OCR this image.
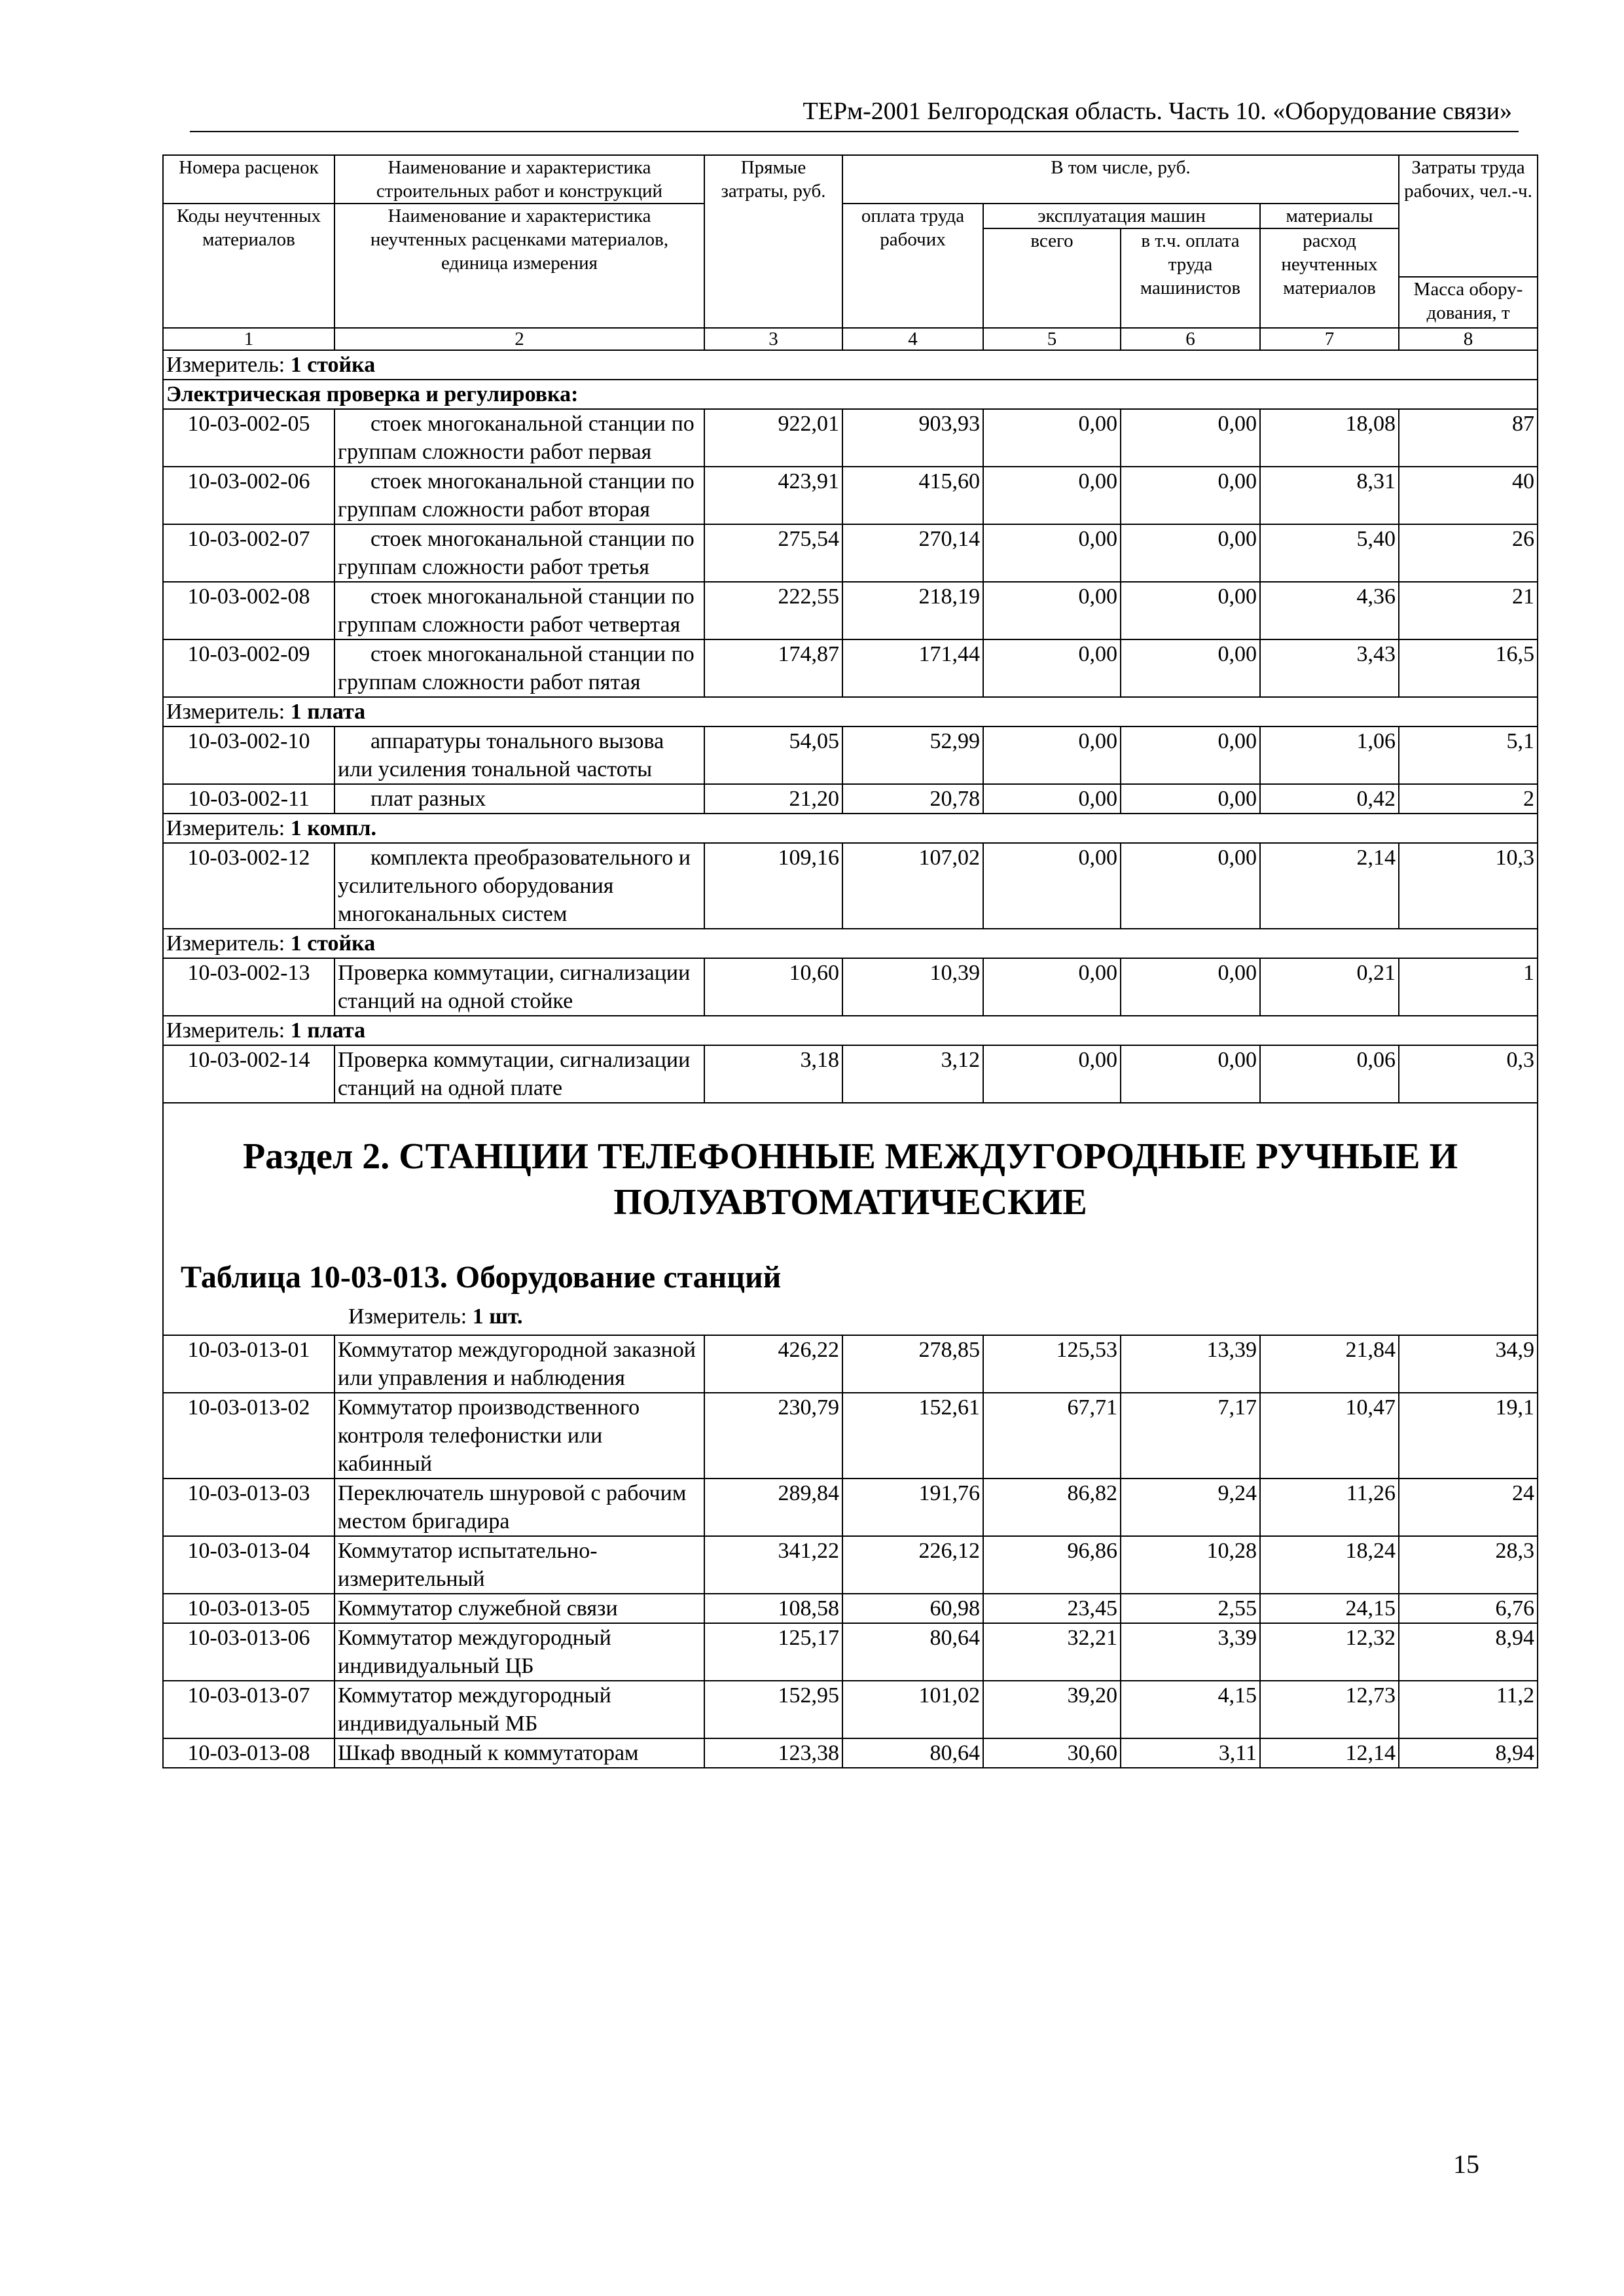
ТЕРм-2001 Белгородская область. Часть 10. «Оборудование связи»
Номера расценок	Наименование и характеристика строительных работ и конструкций	Прямые затраты, руб.	В том числе, руб.				Затраты труда рабочих, чел.-ч.
Коды неучтенных материалов	Наименование и характеристика неучтенных расценками материалов, единица измерения		оплата труда рабочих	эксплуатация машин		материалы	
				всего	в т.ч. оплата труда машинистов	расход неучтенных материалов	
							Масса обору-дования, т
1	2	3	4	5	6	7	8
Измеритель: 1 стойка							
Электрическая проверка и регулировка:							
10-03-002-05	стоек многоканальной станции по группам сложности работ первая	922,01	903,93	0,00	0,00	18,08	87
10-03-002-06	стоек многоканальной станции по группам сложности работ вторая	423,91	415,60	0,00	0,00	8,31	40
10-03-002-07	стоек многоканальной станции по группам сложности работ третья	275,54	270,14	0,00	0,00	5,40	26
10-03-002-08	стоек многоканальной станции по группам сложности работ четвертая	222,55	218,19	0,00	0,00	4,36	21
10-03-002-09	стоек многоканальной станции по группам сложности работ пятая	174,87	171,44	0,00	0,00	3,43	16,5
Измеритель: 1 плата							
10-03-002-10	аппаратуры тонального вызова или усиления тональной частоты	54,05	52,99	0,00	0,00	1,06	5,1
10-03-002-11	плат разных	21,20	20,78	0,00	0,00	0,42	2
Измеритель: 1 компл.							
10-03-002-12	комплекта преобразовательного и усилительного оборудования многоканальных систем	109,16	107,02	0,00	0,00	2,14	10,3
Измеритель: 1 стойка							
10-03-002-13	Проверка коммутации, сигнализации станций на одной стойке	10,60	10,39	0,00	0,00	0,21	1
Измеритель: 1 плата							
10-03-002-14	Проверка коммутации, сигнализации станций на одной плате	3,18	3,12	0,00	0,00	0,06	0,3

Раздел 2. СТАНЦИИ ТЕЛЕФОННЫЕ МЕЖДУГОРОДНЫЕ РУЧНЫЕ И ПОЛУАВТОМАТИЧЕСКИЕ
Таблица 10-03-013. Оборудование станций
Измеритель: 1 шт.							

10-03-013-01	Коммутатор междугородной заказной или управления и наблюдения	426,22	278,85	125,53	13,39	21,84	34,9
10-03-013-02	Коммутатор производственного контроля телефонистки или кабинный	230,79	152,61	67,71	7,17	10,47	19,1
10-03-013-03	Переключатель шнуровой с рабочим местом бригадира	289,84	191,76	86,82	9,24	11,26	24
10-03-013-04	Коммутатор испытательно-измерительный	341,22	226,12	96,86	10,28	18,24	28,3
10-03-013-05	Коммутатор служебной связи	108,58	60,98	23,45	2,55	24,15	6,76
10-03-013-06	Коммутатор междугородный индивидуальный ЦБ	125,17	80,64	32,21	3,39	12,32	8,94
10-03-013-07	Коммутатор междугородный индивидуальный МБ	152,95	101,02	39,20	4,15	12,73	11,2
10-03-013-08	Шкаф вводный к коммутаторам	123,38	80,64	30,60	3,11	12,14	8,94
15
